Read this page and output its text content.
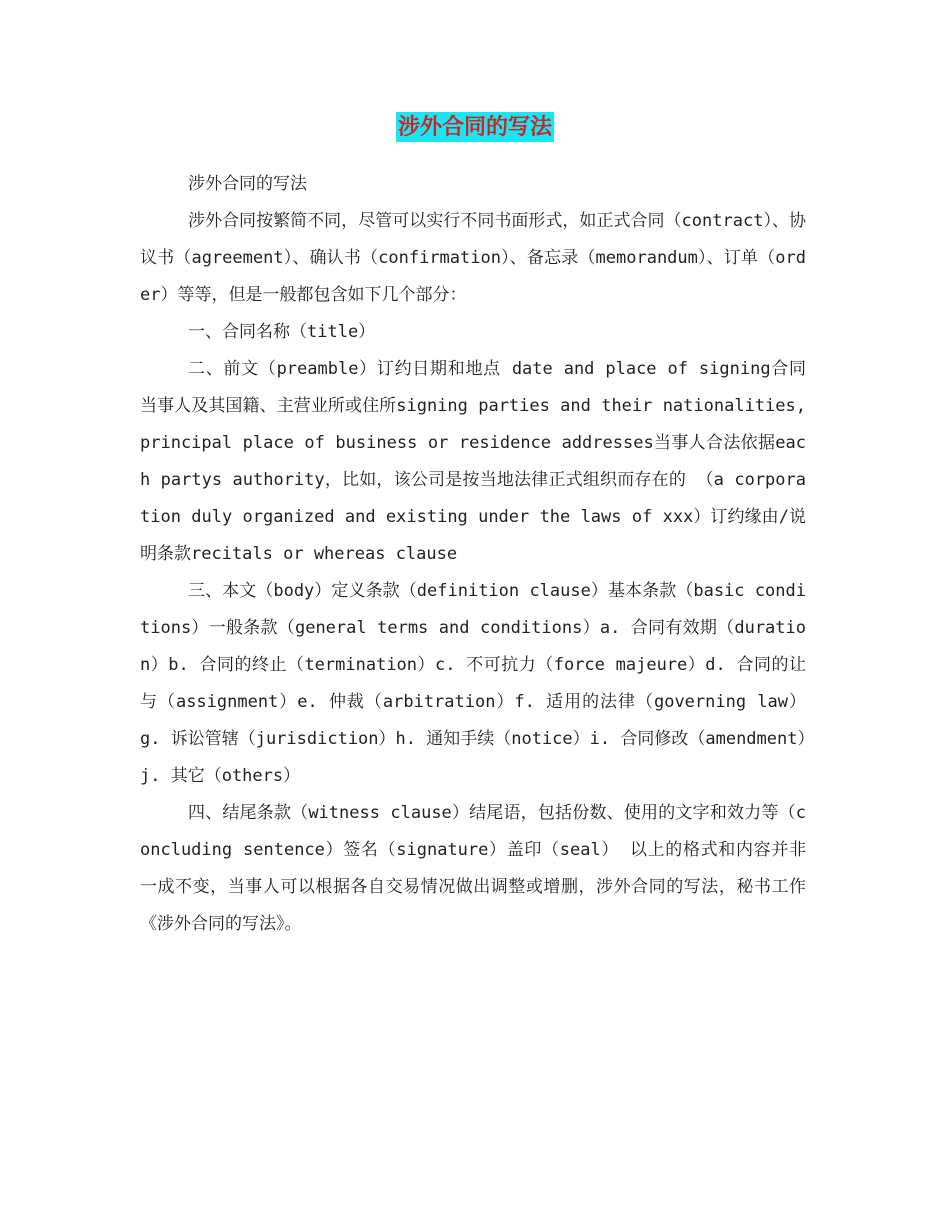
涉外合同的写法

涉外合同的写法

涉外合同按繁简不同，尽管可以实行不同书面形式，如正式合同（contract）、协议书（agreement）、确认书（confirmation）、备忘录（memorandum）、订单（order）等等，但是一般都包含如下几个部分：

一、合同名称（title）

二、前文（preamble）订约日期和地点 date and place of signing合同当事人及其国籍、主营业所或住所signing parties and their nationalities, principal place of business or residence addresses当事人合法依据each partys authority，比如，该公司是按当地法律正式组织而存在的 （a corporation duly organized and existing under the laws of xxx）订约缘由/说明条款recitals or whereas clause

三、本文（body）定义条款（definition clause）基本条款（basic conditions）一般条款（general terms and conditions）a. 合同有效期（duration）b. 合同的终止（termination）c. 不可抗力（force majeure）d. 合同的让与（assignment）e. 仲裁（arbitration）f. 适用的法律（governing law）g. 诉讼管辖（jurisdiction）h. 通知手续（notice）i. 合同修改（amendment）j. 其它（others）

四、结尾条款（witness clause）结尾语，包括份数、使用的文字和效力等（concluding sentence）签名（signature）盖印（seal） 以上的格式和内容并非一成不变，当事人可以根据各自交易情况做出调整或增删，涉外合同的写法，秘书工作《涉外合同的写法》。
